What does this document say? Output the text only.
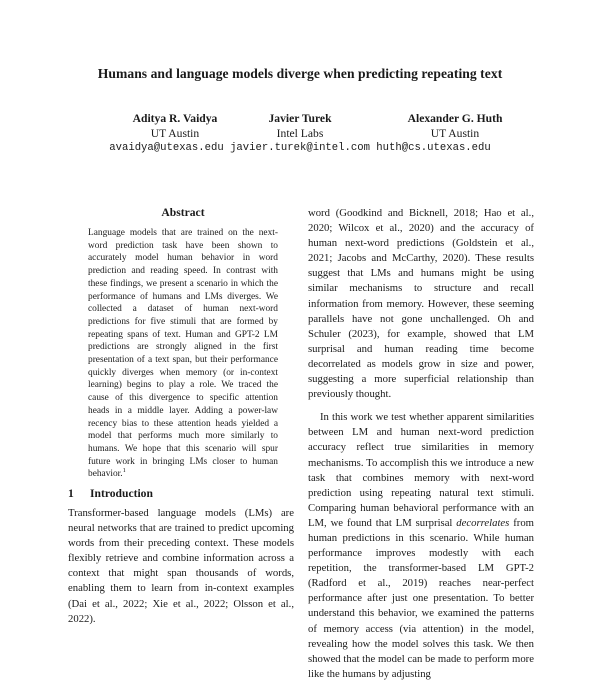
Humans and language models diverge when predicting repeating text
Aditya R. Vaidya
UT Austin
Javier Turek
Intel Labs
Alexander G. Huth
UT Austin
avaidya@utexas.edu javier.turek@intel.com huth@cs.utexas.edu
Abstract

Language models that are trained on the next-word prediction task have been shown to accurately model human behavior in word prediction and reading speed. In contrast with these findings, we present a scenario in which the performance of humans and LMs diverges. We collected a dataset of human next-word predictions for five stimuli that are formed by repeating spans of text. Human and GPT-2 LM predictions are strongly aligned in the first presentation of a text span, but their performance quickly diverges when memory (or in-context learning) begins to play a role. We traced the cause of this divergence to specific attention heads in a middle layer. Adding a power-law recency bias to these attention heads yielded a model that performs much more similarly to humans. We hope that this scenario will spur future work in bringing LMs closer to human behavior.$^1$

1 Introduction

Transformer-based language models (LMs) are neural networks that are trained to predict upcoming words from their preceding context. These models flexibly retrieve and combine information across a context that might span thousands of words, enabling them to learn from in-context examples (Dai et al., 2022; Xie et al., 2022; Olsson et al., 2022).

word (Goodkind and Bicknell, 2018; Hao et al., 2020; Wilcox et al., 2020) and the accuracy of human next-word predictions (Goldstein et al., 2021; Jacobs and McCarthy, 2020). These results suggest that LMs and humans might be using similar mechanisms to structure and recall information from memory. However, these seeming parallels have not gone unchallenged. Oh and Schuler (2023), for example, showed that LM surprisal and human reading time become decorrelated as models grow in size and power, suggesting a more superficial relationship than previously thought.

In this work we test whether apparent similarities between LM and human next-word prediction accuracy reflect true similarities in memory mechanisms. To accomplish this we introduce a new task that combines memory with next-word prediction using repeating natural text stimuli. Comparing human behavioral performance with an LM, we found that LM surprisal decorrelates from human predictions in this scenario. While human performance improves modestly with each repetition, the transformer-based LM GPT-2 (Radford et al., 2019) reaches near-perfect performance after just one presentation. To better understand this behavior, we examined the patterns of memory access (via attention) in the model, revealing how the model solves this task. We then showed that the model can be made to perform more like the humans by adjusting
